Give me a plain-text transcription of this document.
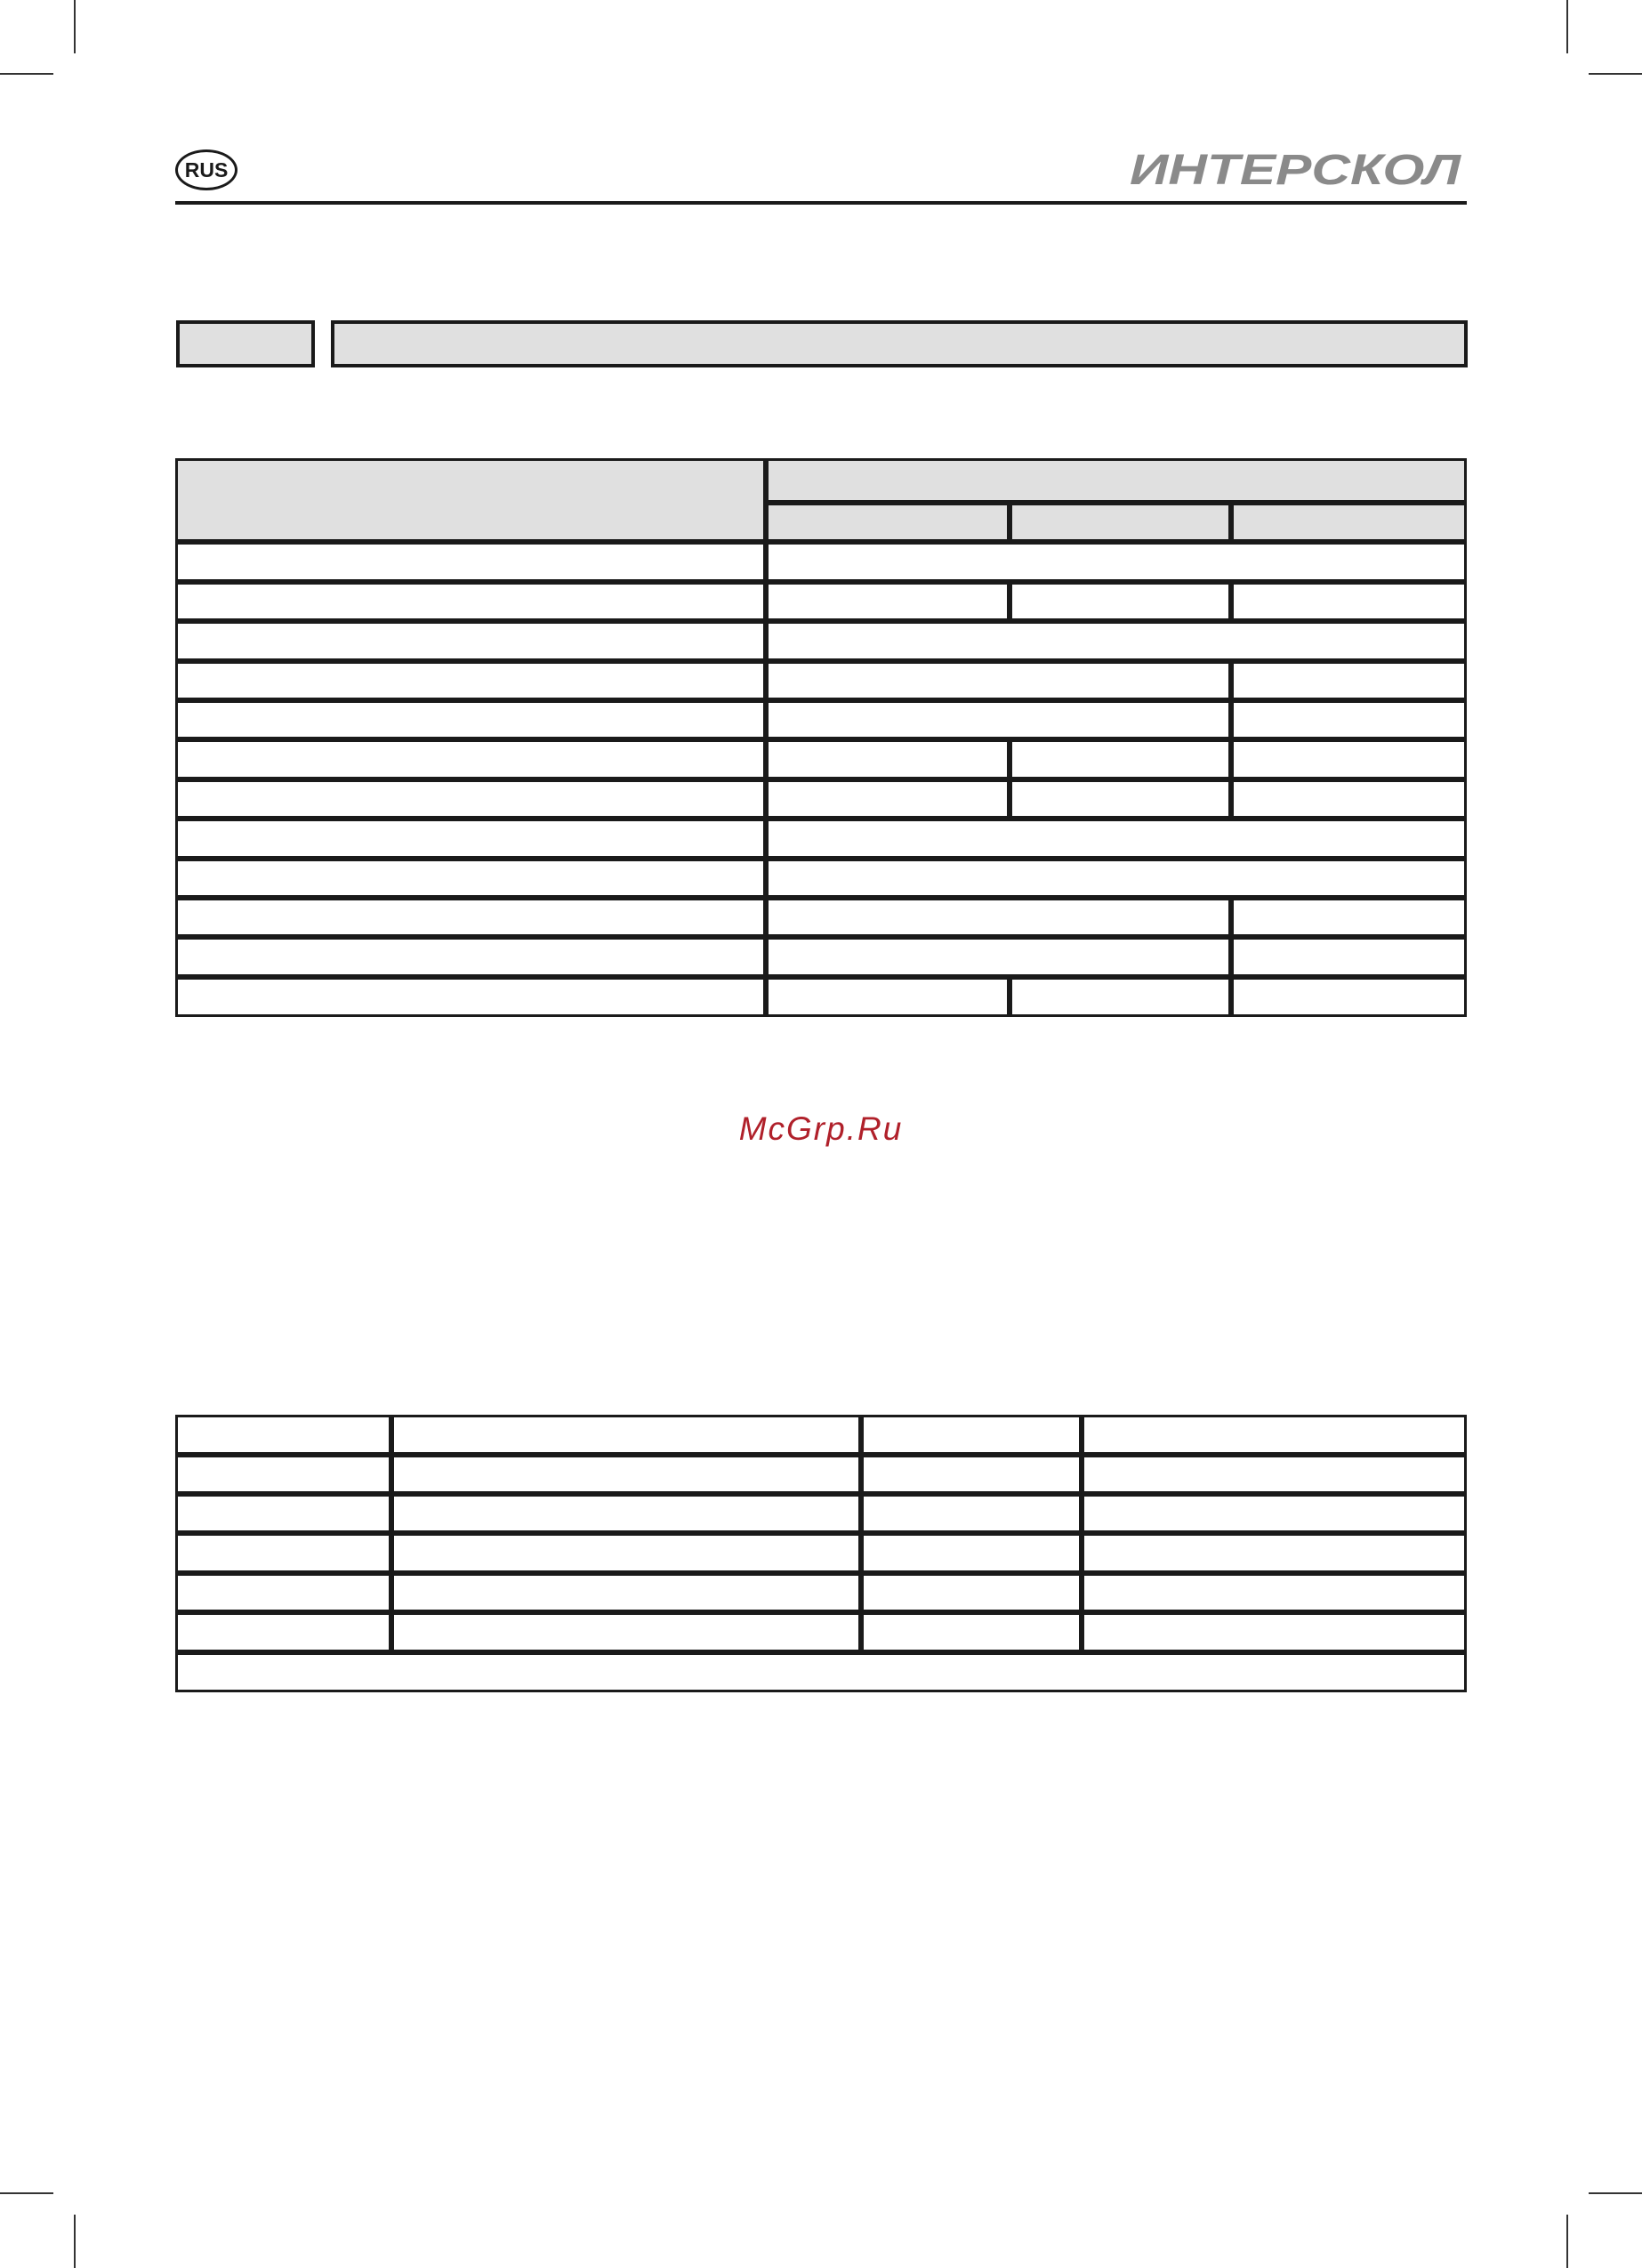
RUS	ИНТЕРСКОЛ
McGrp.Ru
